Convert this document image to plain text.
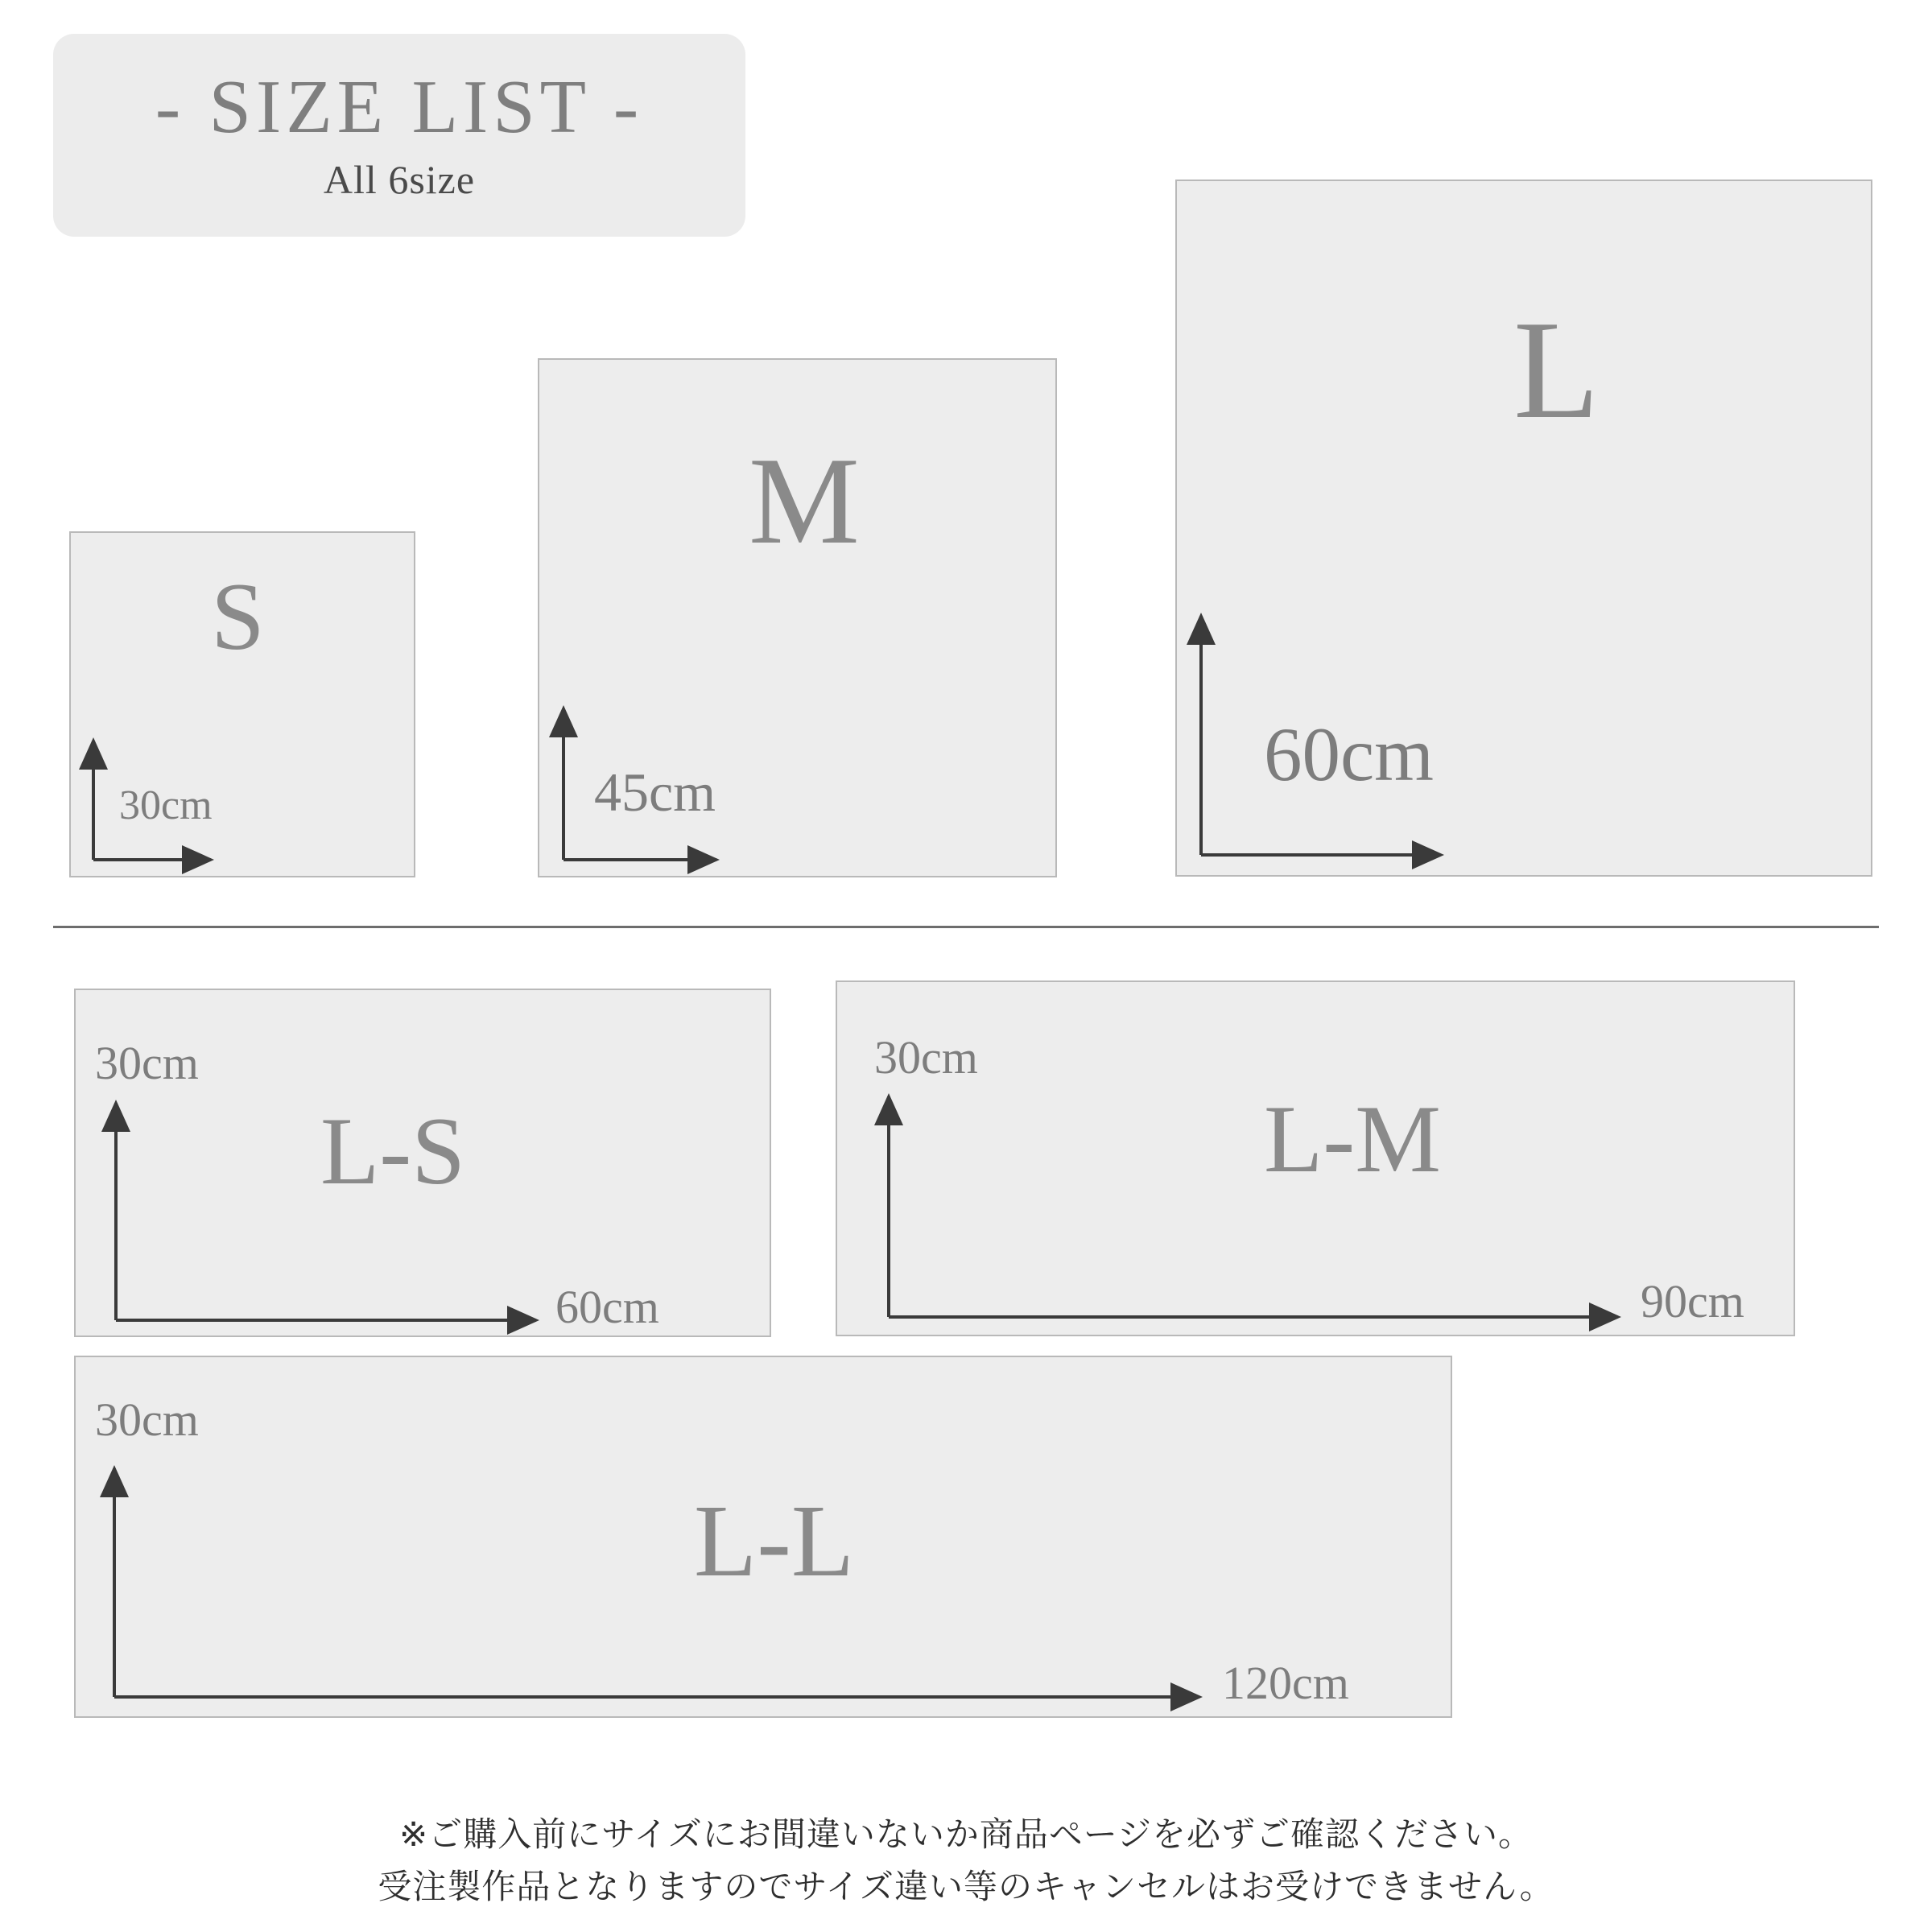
- SIZE LIST -
All 6size
S
30cm
M
45cm
L
60cm
30cm
L-S
60cm
30cm
L-M
90cm
30cm
L-L
120cm
※ご購入前にサイズにお間違いないか商品ページを必ずご確認ください。
受注製作品となりますのでサイズ違い等のキャンセルはお受けできません。
